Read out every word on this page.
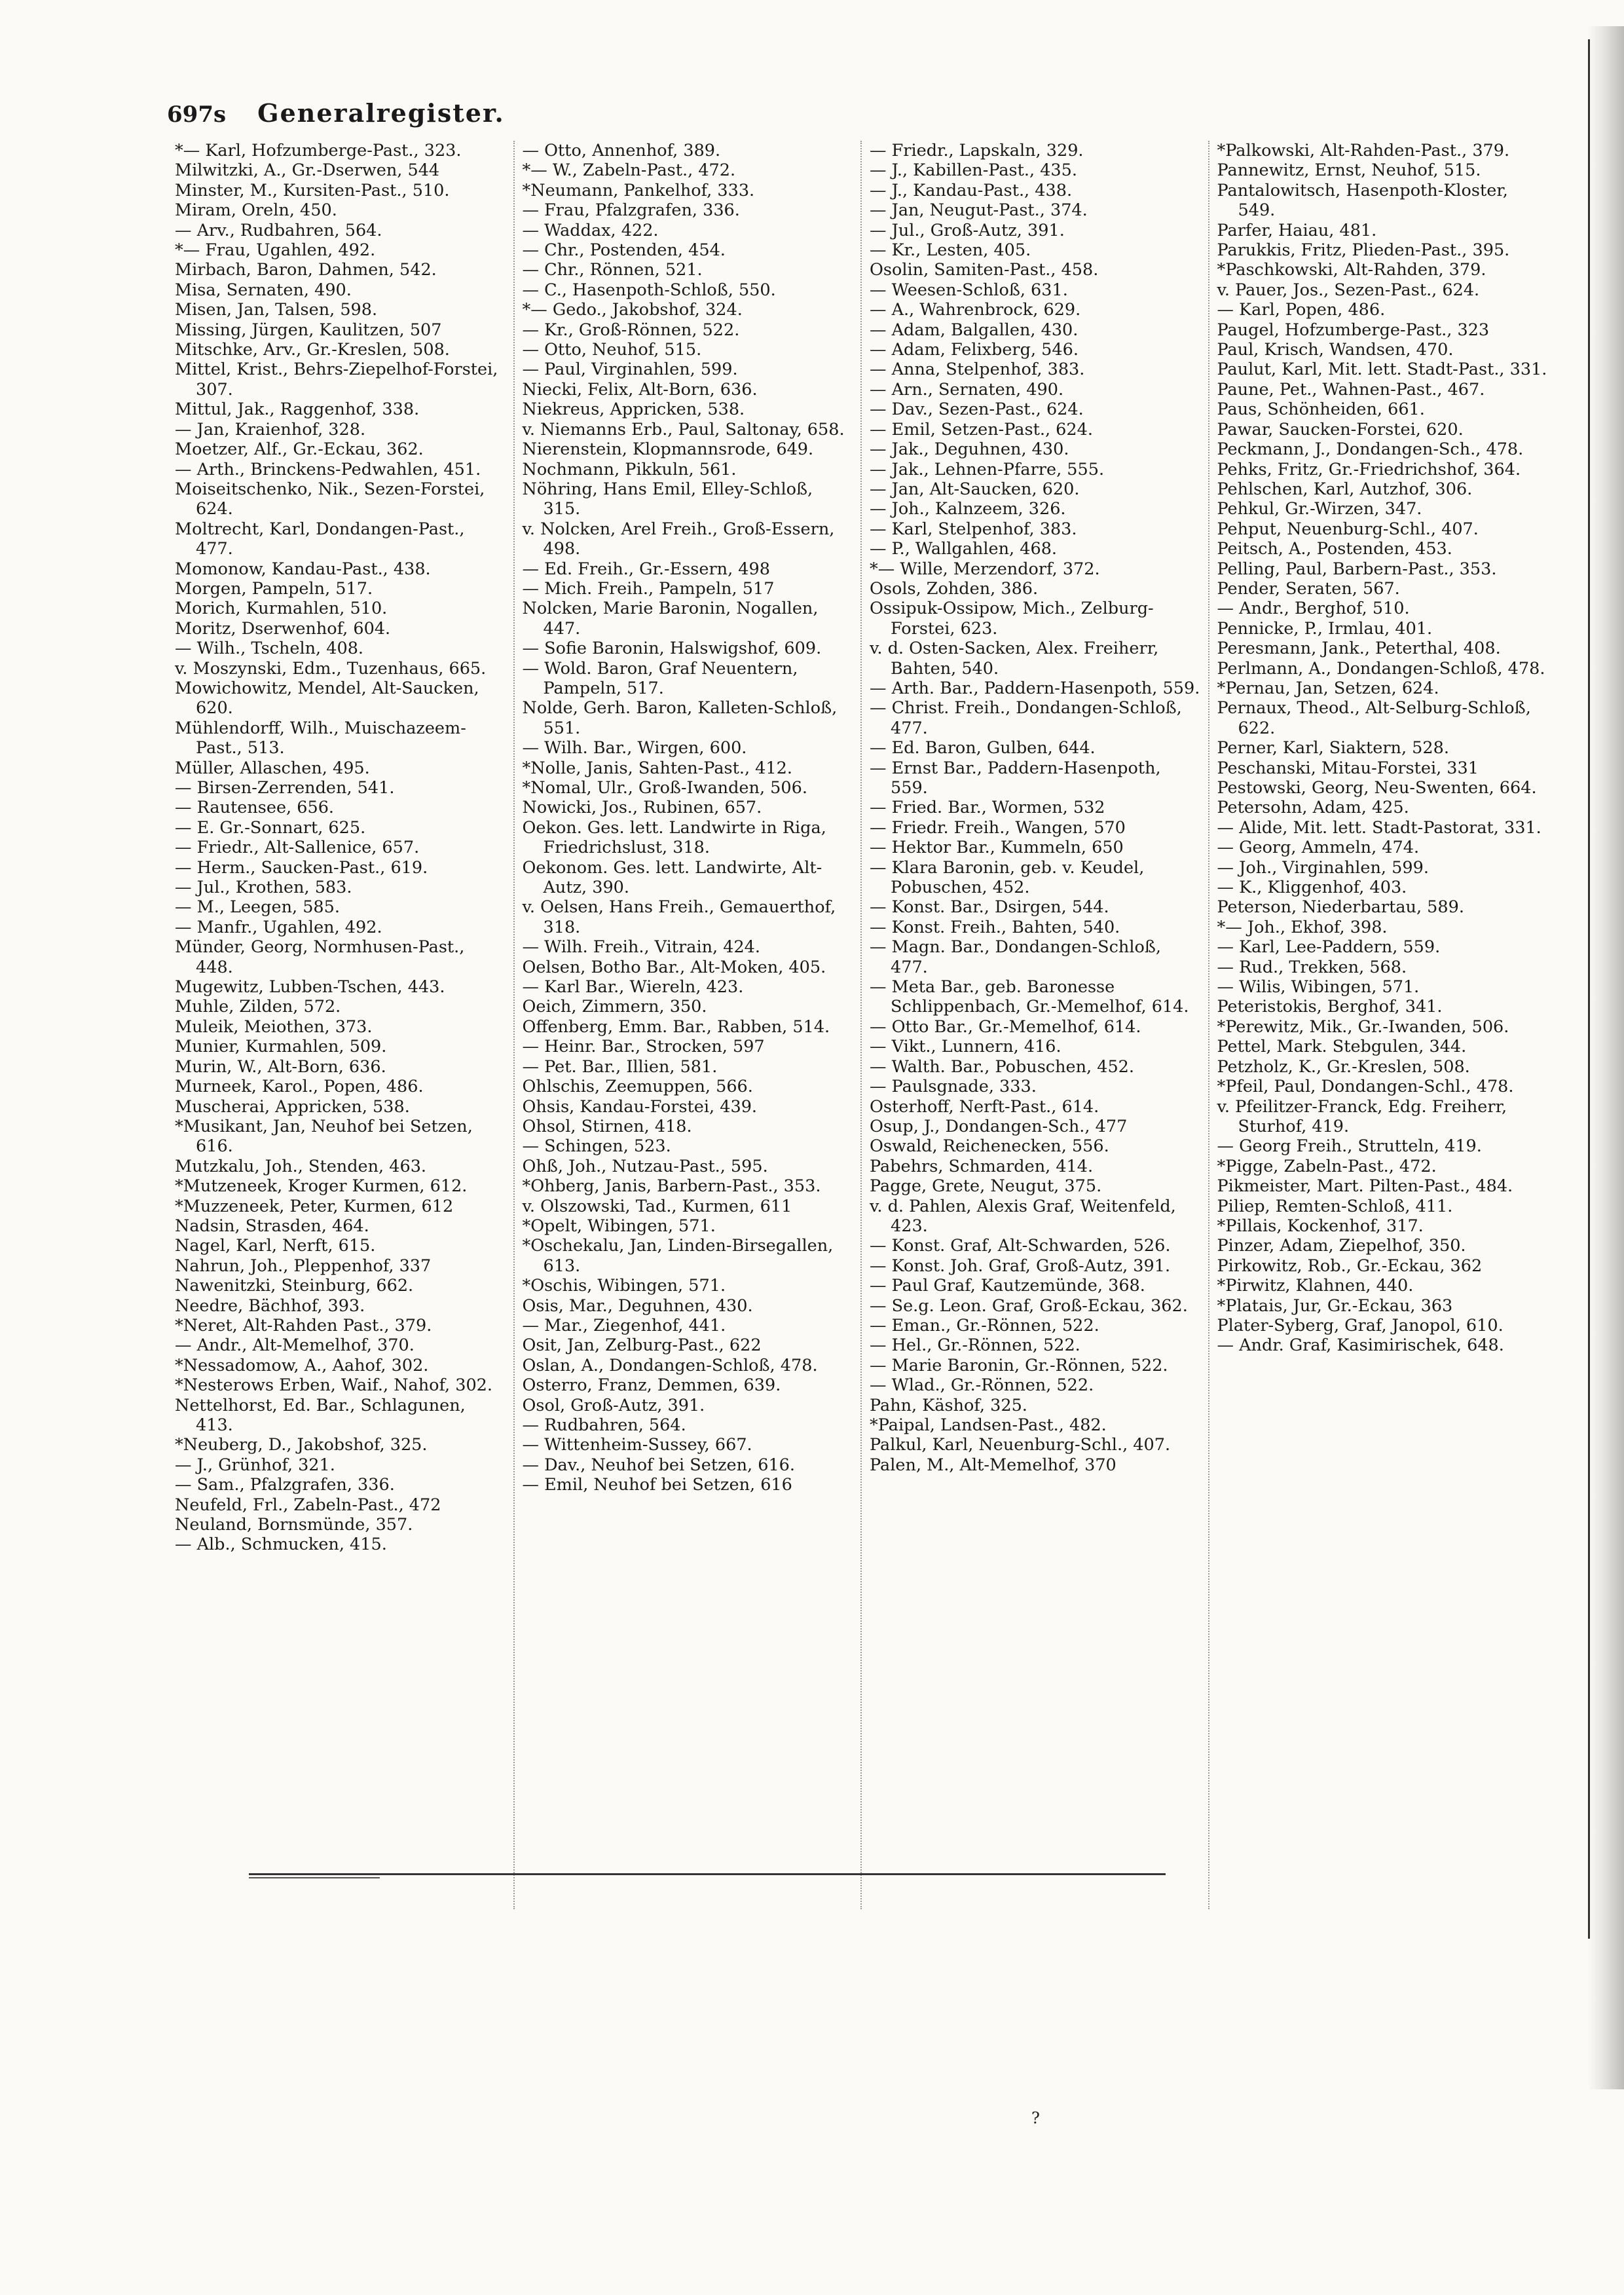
697s Generalregister.
*— Karl, Hofzumberge-Past., 323.
Milwitzki, A., Gr.-Dserwen, 544
Minster, M., Kursiten-Past., 510.
Miram, Oreln, 450.
— Arv., Rudbahren, 564.
*— Frau, Ugahlen, 492.
Mirbach, Baron, Dahmen, 542.
Misa, Sernaten, 490.
Misen, Jan, Talsen, 598.
Missing, Jürgen, Kaulitzen, 507
Mitschke, Arv., Gr.-Kreslen, 508.
Mittel, Krist., Behrs-Ziepelhof-Forstei, 307.
Mittul, Jak., Raggenhof, 338.
— Jan, Kraienhof, 328.
Moetzer, Alf., Gr.-Eckau, 362.
— Arth., Brinckens-Pedwahlen, 451.
Moiseitschenko, Nik., Sezen-Forstei, 624.
Moltrecht, Karl, Dondangen-Past., 477.
Momonow, Kandau-Past., 438.
Morgen, Pampeln, 517.
Morich, Kurmahlen, 510.
Moritz, Dserwenhof, 604.
— Wilh., Tscheln, 408.
v. Moszynski, Edm., Tuzenhaus, 665.
Mowichowitz, Mendel, Alt-Saucken, 620.
Mühlendorff, Wilh., Muischazeem-Past., 513.
Müller, Allaschen, 495.
— Birsen-Zerrenden, 541.
— Rautensee, 656.
— E. Gr.-Sonnart, 625.
— Friedr., Alt-Sallenice, 657.
— Herm., Saucken-Past., 619.
— Jul., Krothen, 583.
— M., Leegen, 585.
— Manfr., Ugahlen, 492.
Münder, Georg, Normhusen-Past., 448.
Mugewitz, Lubben-Tschen, 443.
Muhle, Zilden, 572.
Muleik, Meiothen, 373.
Munier, Kurmahlen, 509.
Murin, W., Alt-Born, 636.
Murneek, Karol., Popen, 486.
Muscherai, Appricken, 538.
*Musikant, Jan, Neuhof bei Setzen, 616.
Mutzkalu, Joh., Stenden, 463.
*Mutzeneek, Kroger Kurmen, 612.
*Muzzeneek, Peter, Kurmen, 612
Nadsin, Strasden, 464.
Nagel, Karl, Nerft, 615.
Nahrun, Joh., Pleppenhof, 337
Nawenitzki, Steinburg, 662.
Needre, Bächhof, 393.
*Neret, Alt-Rahden Past., 379.
— Andr., Alt-Memelhof, 370.
*Nessadomow, A., Aahof, 302.
*Nesterows Erben, Waif., Nahof, 302.
Nettelhorst, Ed. Bar., Schlagunen, 413.
*Neuberg, D., Jakobshof, 325.
— J., Grünhof, 321.
— Sam., Pfalzgrafen, 336.
Neufeld, Frl., Zabeln-Past., 472
Neuland, Bornsmünde, 357.
— Alb., Schmucken, 415.
— Otto, Annenhof, 389.
*— W., Zabeln-Past., 472.
*Neumann, Pankelhof, 333.
— Frau, Pfalzgrafen, 336.
— Waddax, 422.
— Chr., Postenden, 454.
— Chr., Rönnen, 521.
— C., Hasenpoth-Schloß, 550.
*— Gedo., Jakobshof, 324.
— Kr., Groß-Rönnen, 522.
— Otto, Neuhof, 515.
— Paul, Virginahlen, 599.
Niecki, Felix, Alt-Born, 636.
Niekreus, Appricken, 538.
v. Niemanns Erb., Paul, Saltonay, 658.
Nierenstein, Klopmannsrode, 649.
Nochmann, Pikkuln, 561.
Nöhring, Hans Emil, Elley-Schloß, 315.
v. Nolcken, Arel Freih., Groß-Essern, 498.
— Ed. Freih., Gr.-Essern, 498
— Mich. Freih., Pampeln, 517
Nolcken, Marie Baronin, Nogallen, 447.
— Sofie Baronin, Halswigshof, 609.
— Wold. Baron, Graf Neuentern, Pampeln, 517.
Nolde, Gerh. Baron, Kalleten-Schloß, 551.
— Wilh. Bar., Wirgen, 600.
*Nolle, Janis, Sahten-Past., 412.
*Nomal, Ulr., Groß-Iwanden, 506.
Nowicki, Jos., Rubinen, 657.
Oekon. Ges. lett. Landwirte in Riga, Friedrichslust, 318.
Oekonom. Ges. lett. Landwirte, Alt-Autz, 390.
v. Oelsen, Hans Freih., Gemauerthof, 318.
— Wilh. Freih., Vitrain, 424.
Oelsen, Botho Bar., Alt-Moken, 405.
— Karl Bar., Wiereln, 423.
Oeich, Zimmern, 350.
Offenberg, Emm. Bar., Rabben, 514.
— Heinr. Bar., Strocken, 597
— Pet. Bar., Illien, 581.
Ohlschis, Zeemuppen, 566.
Ohsis, Kandau-Forstei, 439.
Ohsol, Stirnen, 418.
— Schingen, 523.
Ohß, Joh., Nutzau-Past., 595.
*Ohberg, Janis, Barbern-Past., 353.
v. Olszowski, Tad., Kurmen, 611
*Opelt, Wibingen, 571.
*Oschekalu, Jan, Linden-Birsegallen, 613.
*Oschis, Wibingen, 571.
Osis, Mar., Deguhnen, 430.
— Mar., Ziegenhof, 441.
Osit, Jan, Zelburg-Past., 622
Oslan, A., Dondangen-Schloß, 478.
Osterro, Franz, Demmen, 639.
Osol, Groß-Autz, 391.
— Rudbahren, 564.
— Wittenheim-Sussey, 667.
— Dav., Neuhof bei Setzen, 616.
— Emil, Neuhof bei Setzen, 616
— Friedr., Lapskaln, 329.
— J., Kabillen-Past., 435.
— J., Kandau-Past., 438.
— Jan, Neugut-Past., 374.
— Jul., Groß-Autz, 391.
— Kr., Lesten, 405.
Osolin, Samiten-Past., 458.
— Weesen-Schloß, 631.
— A., Wahrenbrock, 629.
— Adam, Balgallen, 430.
— Adam, Felixberg, 546.
— Anna, Stelpenhof, 383.
— Arn., Sernaten, 490.
— Dav., Sezen-Past., 624.
— Emil, Setzen-Past., 624.
— Jak., Deguhnen, 430.
— Jak., Lehnen-Pfarre, 555.
— Jan, Alt-Saucken, 620.
— Joh., Kalnzeem, 326.
— Karl, Stelpenhof, 383.
— P., Wallgahlen, 468.
*— Wille, Merzendorf, 372.
Osols, Zohden, 386.
Ossipuk-Ossipow, Mich., Zelburg-Forstei, 623.
v. d. Osten-Sacken, Alex. Freiherr, Bahten, 540.
— Arth. Bar., Paddern-Hasenpoth, 559.
— Christ. Freih., Dondangen-Schloß, 477.
— Ed. Baron, Gulben, 644.
— Ernst Bar., Paddern-Hasenpoth, 559.
— Fried. Bar., Wormen, 532
— Friedr. Freih., Wangen, 570
— Hektor Bar., Kummeln, 650
— Klara Baronin, geb. v. Keudel, Pobuschen, 452.
— Konst. Bar., Dsirgen, 544.
— Konst. Freih., Bahten, 540.
— Magn. Bar., Dondangen-Schloß, 477.
— Meta Bar., geb. Baronesse Schlippenbach, Gr.-Memelhof, 614.
— Otto Bar., Gr.-Memelhof, 614.
— Vikt., Lunnern, 416.
— Walth. Bar., Pobuschen, 452.
— Paulsgnade, 333.
Osterhoff, Nerft-Past., 614.
Osup, J., Dondangen-Sch., 477
Oswald, Reichenecken, 556.
Pabehrs, Schmarden, 414.
Pagge, Grete, Neugut, 375.
v. d. Pahlen, Alexis Graf, Weitenfeld, 423.
— Konst. Graf, Alt-Schwarden, 526.
— Konst. Joh. Graf, Groß-Autz, 391.
— Paul Graf, Kautzemünde, 368.
— Se.g. Leon. Graf, Groß-Eckau, 362.
— Eman., Gr.-Rönnen, 522.
— Hel., Gr.-Rönnen, 522.
— Marie Baronin, Gr.-Rönnen, 522.
— Wlad., Gr.-Rönnen, 522.
Pahn, Käshof, 325.
*Paipal, Landsen-Past., 482.
Palkul, Karl, Neuenburg-Schl., 407.
Palen, M., Alt-Memelhof, 370
*Palkowski, Alt-Rahden-Past., 379.
Pannewitz, Ernst, Neuhof, 515.
Pantalowitsch, Hasenpoth-Kloster, 549.
Parfer, Haiau, 481.
Parukkis, Fritz, Plieden-Past., 395.
*Paschkowski, Alt-Rahden, 379.
v. Pauer, Jos., Sezen-Past., 624.
— Karl, Popen, 486.
Paugel, Hofzumberge-Past., 323
Paul, Krisch, Wandsen, 470.
Paulut, Karl, Mit. lett. Stadt-Past., 331.
Paune, Pet., Wahnen-Past., 467.
Paus, Schönheiden, 661.
Pawar, Saucken-Forstei, 620.
Peckmann, J., Dondangen-Sch., 478.
Pehks, Fritz, Gr.-Friedrichshof, 364.
Pehlschen, Karl, Autzhof, 306.
Pehkul, Gr.-Wirzen, 347.
Pehput, Neuenburg-Schl., 407.
Peitsch, A., Postenden, 453.
Pelling, Paul, Barbern-Past., 353.
Pender, Seraten, 567.
— Andr., Berghof, 510.
Pennicke, P., Irmlau, 401.
Peresmann, Jank., Peterthal, 408.
Perlmann, A., Dondangen-Schloß, 478.
*Pernau, Jan, Setzen, 624.
Pernaux, Theod., Alt-Selburg-Schloß, 622.
Perner, Karl, Siaktern, 528.
Peschanski, Mitau-Forstei, 331
Pestowski, Georg, Neu-Swenten, 664.
Petersohn, Adam, 425.
— Alide, Mit. lett. Stadt-Pastorat, 331.
— Georg, Ammeln, 474.
— Joh., Virginahlen, 599.
— K., Kliggenhof, 403.
Peterson, Niederbartau, 589.
*— Joh., Ekhof, 398.
— Karl, Lee-Paddern, 559.
— Rud., Trekken, 568.
— Wilis, Wibingen, 571.
Peteristokis, Berghof, 341.
*Perewitz, Mik., Gr.-Iwanden, 506.
Pettel, Mark. Stebgulen, 344.
Petzholz, K., Gr.-Kreslen, 508.
*Pfeil, Paul, Dondangen-Schl., 478.
v. Pfeilitzer-Franck, Edg. Freiherr, Sturhof, 419.
— Georg Freih., Strutteln, 419.
*Pigge, Zabeln-Past., 472.
Pikmeister, Mart. Pilten-Past., 484.
Piliep, Remten-Schloß, 411.
*Pillais, Kockenhof, 317.
Pinzer, Adam, Ziepelhof, 350.
Pirkowitz, Rob., Gr.-Eckau, 362
*Pirwitz, Klahnen, 440.
*Platais, Jur, Gr.-Eckau, 363
Plater-Syberg, Graf, Janopol, 610.
— Andr. Graf, Kasimirischek, 648.
?
